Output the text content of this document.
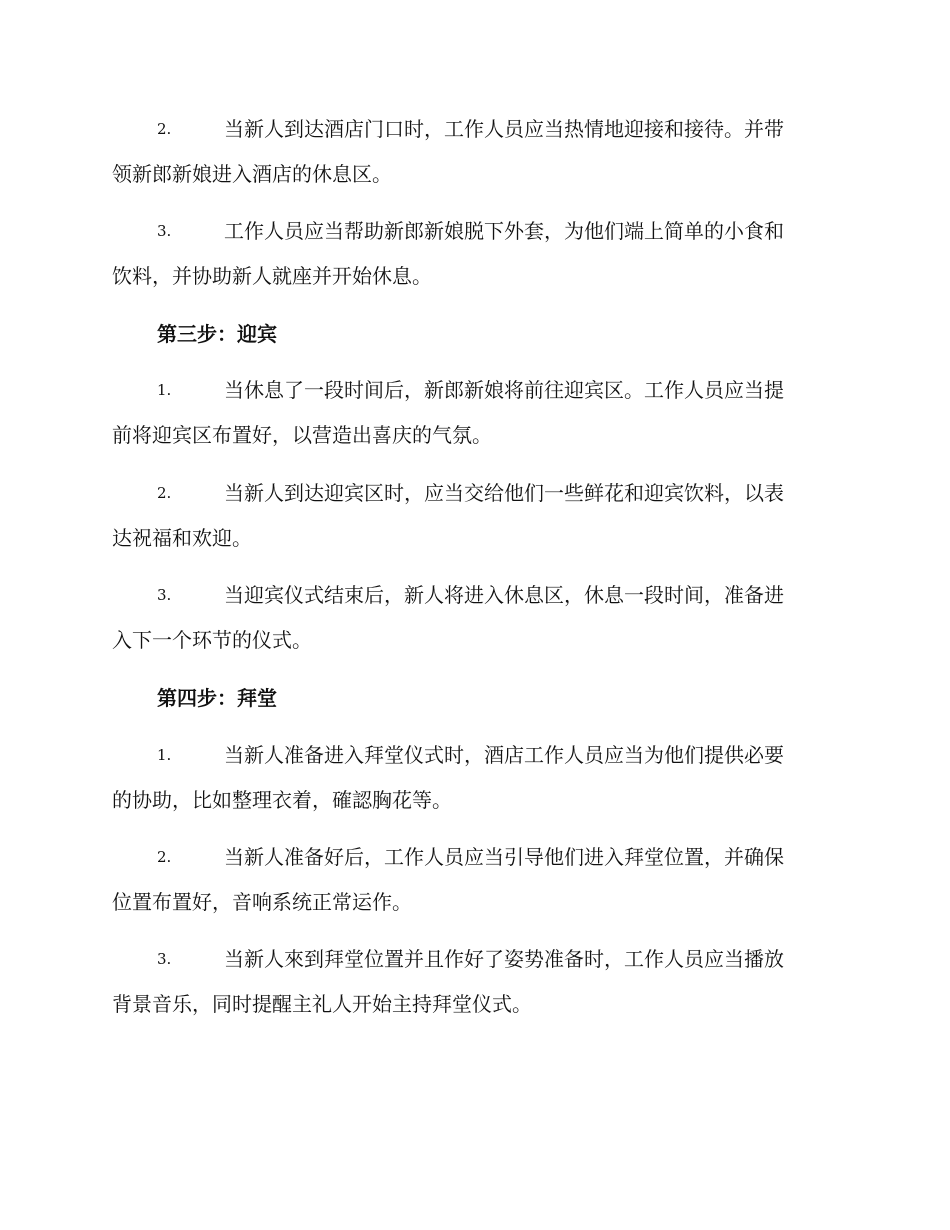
2.	当新人到达酒店门口时，工作人员应当热情地迎接和接待。并带
领新郎新娘进入酒店的休息区。

3.	工作人员应当帮助新郎新娘脱下外套，为他们端上简单的小食和
饮料，并协助新人就座并开始休息。

第三步：迎宾

1.	当休息了一段时间后，新郎新娘将前往迎宾区。工作人员应当提
前将迎宾区布置好，以营造出喜庆的气氛。

2.	当新人到达迎宾区时，应当交给他们一些鲜花和迎宾饮料，以表
达祝福和欢迎。

3.	当迎宾仪式结束后，新人将进入休息区，休息一段时间，准备进
入下一个环节的仪式。

第四步：拜堂

1.	当新人准备进入拜堂仪式时，酒店工作人员应当为他们提供必要
的协助，比如整理衣着，確認胸花等。

2.	当新人准备好后，工作人员应当引导他们进入拜堂位置，并确保
位置布置好，音响系统正常运作。

3.	当新人來到拜堂位置并且作好了姿势准备时，工作人员应当播放
背景音乐，同时提醒主礼人开始主持拜堂仪式。
